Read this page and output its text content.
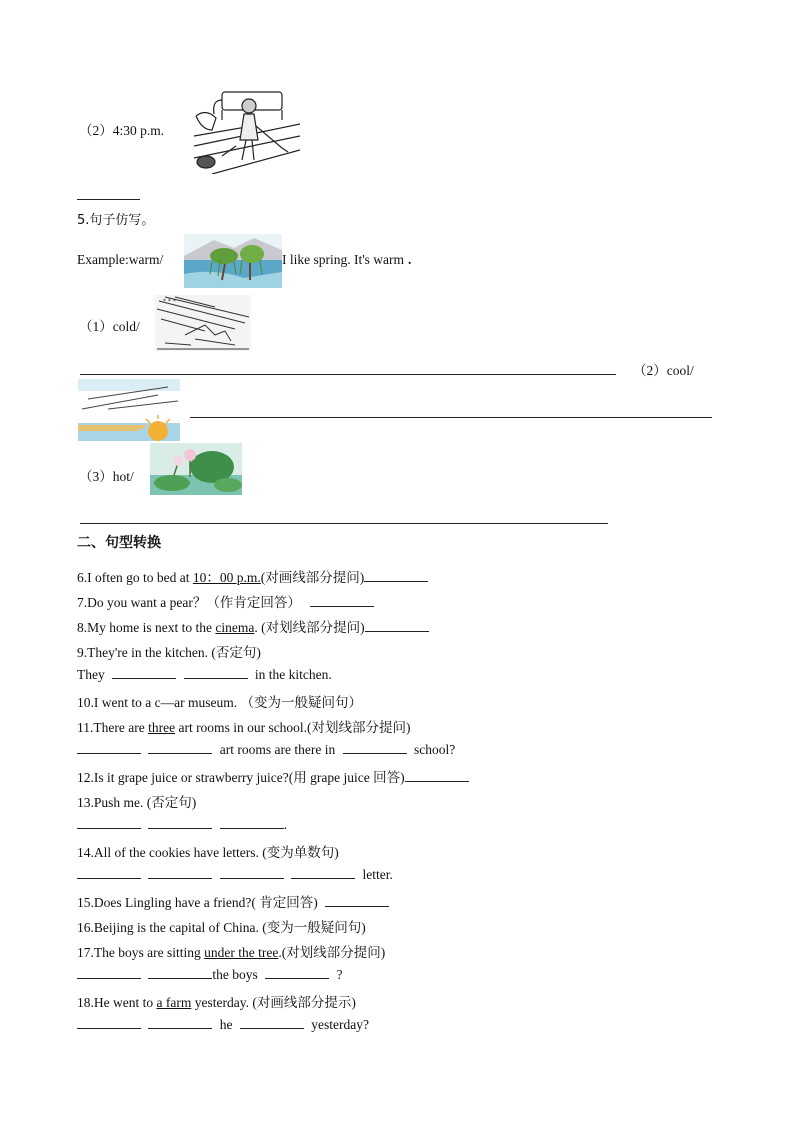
（2）4:30 p.m.
5.句子仿写。
Example:warm/	I like spring. It's warm .
（1）cold/
* * *
（2）cool/
（3）hot/
二、句型转换
6.I often go to bed at 10：00 p.m.(对画线部分提问)
7.Do you want a pear？（作肯定回答）
8.My home is next to the cinema. (对划线部分提问)
9.They're in the kitchen. (否定句)
They	in the kitchen.
10.I went to a c—ar museum. （变为一般疑问句）
11.There are three art rooms in our school.(对划线部分提问)
art rooms are there in	school?
12.Is it grape juice or strawberry juice?(用 grape juice 回答)
13.Push me. (否定句)
.
14.All of the cookies have letters. (变为单数句)
letter.
15.Does Lingling have a friend?( 肯定回答)
16.Beijing is the capital of China. (变为一般疑问句)
17.The boys are sitting under the tree.(对划线部分提问)
the boys	?
18.He went to a farm yesterday. (对画线部分提示)
he	yesterday?
